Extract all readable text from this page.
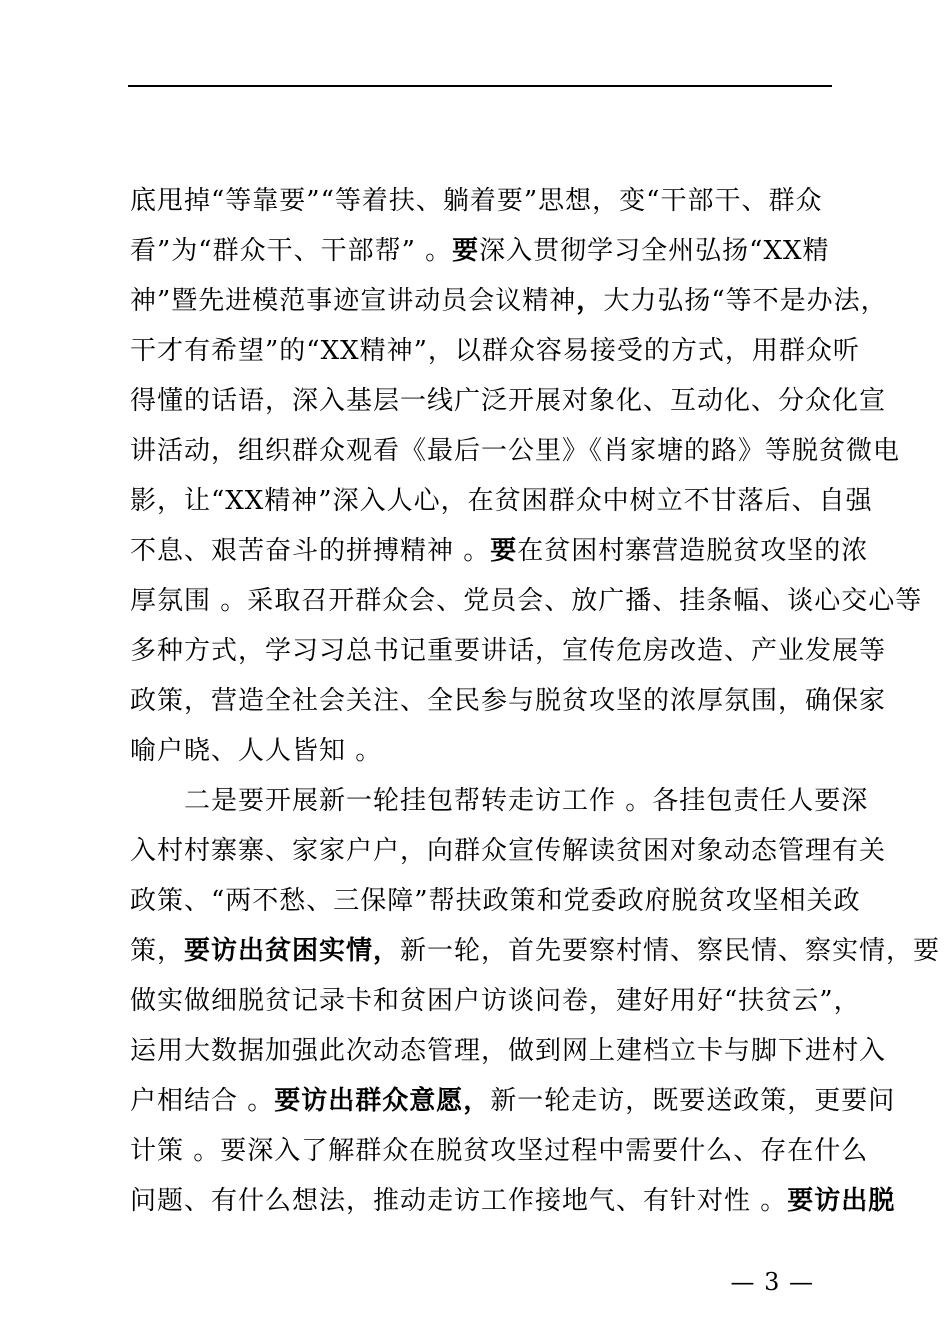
底甩掉“等靠要”“等着扶、躺着要”思想，变“干部干、群众
看”为“群众干、干部帮” 。要深入贯彻学习全州弘扬“XX精
神”暨先进模范事迹宣讲动员会议精神，大力弘扬“等不是办法，
干才有希望”的“XX精神”，以群众容易接受的方式，用群众听
得懂的话语，深入基层一线广泛开展对象化、互动化、分众化宣
讲活动，组织群众观看《最后一公里》《肖家塘的路》等脱贫微电
影，让“XX精神”深入人心，在贫困群众中树立不甘落后、自强
不息、艰苦奋斗的拼搏精神 。要在贫困村寨营造脱贫攻坚的浓
厚氛围 。采取召开群众会、党员会、放广播、挂条幅、谈心交心等
多种方式，学习习总书记重要讲话，宣传危房改造、产业发展等
政策，营造全社会关注、全民参与脱贫攻坚的浓厚氛围，确保家
喻户晓、人人皆知 。
　　二是要开展新一轮挂包帮转走访工作 。各挂包责任人要深
入村村寨寨、家家户户，向群众宣传解读贫困对象动态管理有关
政策、“两不愁、三保障”帮扶政策和党委政府脱贫攻坚相关政
策，要访出贫困实情，新一轮，首先要察村情、察民情、察实情，要
做实做细脱贫记录卡和贫困户访谈问卷，建好用好“扶贫云”，
运用大数据加强此次动态管理，做到网上建档立卡与脚下进村入
户相结合 。要访出群众意愿，新一轮走访，既要送政策，更要问
计策 。要深入了解群众在脱贫攻坚过程中需要什么、存在什么
问题、有什么想法，推动走访工作接地气、有针对性 。要访出脱
— 3 —
